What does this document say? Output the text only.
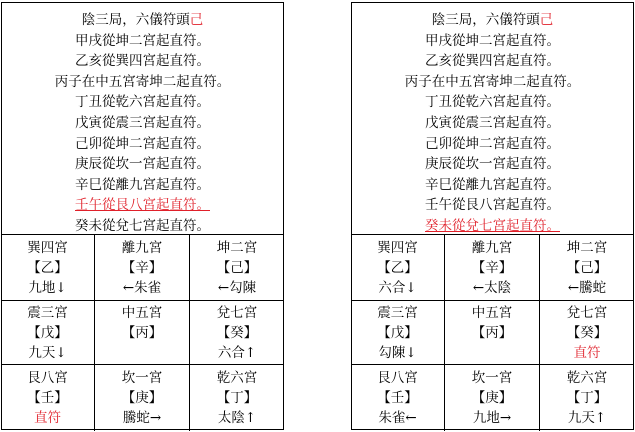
陰三局，六儀符頭己
甲戌從坤二宮起直符。
乙亥從巽四宮起直符。
丙子在中五宮寄坤二起直符。
丁丑從乾六宮起直符。
戊寅從震三宮起直符。
己卯從坤二宮起直符。
庚辰從坎一宮起直符。
辛巳從離九宮起直符。
壬午從艮八宮起直符。
癸未從兌七宮起直符。
巽四宮
【乙】
九地↓
離九宮
【辛】
←朱雀
坤二宮
【己】
←勾陳
震三宮
【戊】
九天↓
中五宮
【丙】
兌七宮
【癸】
六合↑
艮八宮
【壬】
直符
坎一宮
【庚】
騰蛇→
乾六宮
【丁】
太陰↑
陰三局，六儀符頭己
甲戌從坤二宮起直符。
乙亥從巽四宮起直符。
丙子在中五宮寄坤二起直符。
丁丑從乾六宮起直符。
戊寅從震三宮起直符。
己卯從坤二宮起直符。
庚辰從坎一宮起直符。
辛巳從離九宮起直符。
壬午從艮八宮起直符。
癸未從兌七宮起直符。
巽四宮
【乙】
六合↓
離九宮
【辛】
←太陰
坤二宮
【己】
←騰蛇
震三宮
【戊】
勾陳↓
中五宮
【丙】
兌七宮
【癸】
直符
艮八宮
【壬】
朱雀←
坎一宮
【庚】
九地→
乾六宮
【丁】
九天↑
